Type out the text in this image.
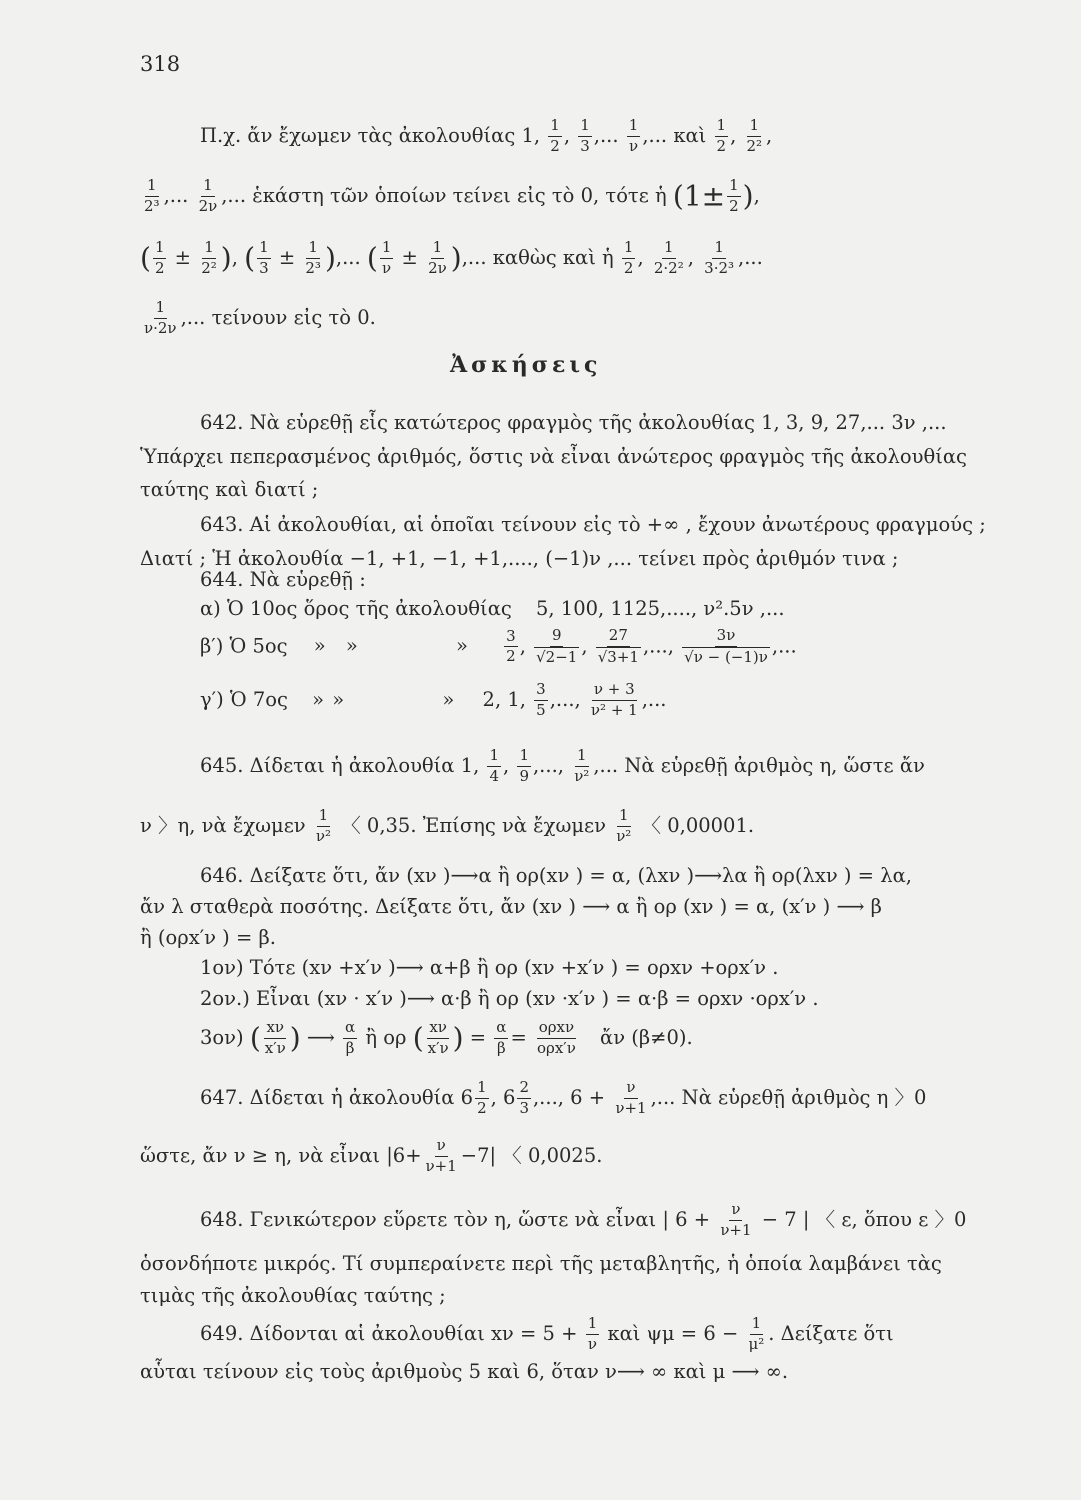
318
Π.χ. ἄν ἔχωμεν τὰς ἀκολουθίας 1, $\frac{1}{2}$ , $\frac{1}{3}$ ,... $\frac{1}{\nu}$ ,... καὶ $\frac{1}{2}$ , $\frac{1}{\text{2²}}$ ,
$\frac{1}{\text{2³}}$ ,... $\frac{1}{2\nu}$ ,... ἑκάστη τῶν ὁποίων τείνει εἰς τὸ 0, τότε ἡ ($1\pm \frac{1}{2}$ ),
( $\frac{1}{2} \pm \frac{1}{\text{2²}}$ ), ( $\frac{1}{3} \pm \frac{1}{\text{2³}}$ ),... ( $\frac{1}{\nu} \pm \frac{1}{2\nu}$ ),... καθὼς καὶ ἡ $\frac{1}{2}$ , $\frac{1}{\text{2·2²}}$ , $\frac{1}{\text{3·2³}}$ ,...
$\frac{1}{\nu\cdot 2\nu}$ ,... τείνουν εἰς τὸ 0.
Ἀσκήσεις
642. Νὰ εὑρεθῇ εἷς κατώτερος φραγμὸς τῆς ἀκολουθίας 1, 3, 9, 27,... 3ν ,...
Ὑπάρχει πεπερασμένος ἀριθμός, ὅστις νὰ εἶναι ἀνώτερος φραγμὸς τῆς ἀκολουθίας
ταύτης καὶ διατί ;
643. Αἱ ἀκολουθίαι, αἱ ὁποῖαι τείνουν εἰς τὸ +∞ , ἔχουν ἀνωτέρους φραγμούς ;
Διατί ; Ἡ ἀκολουθία −1, +1, −1, +1,...., (−1)ν ,... τείνει πρὸς ἀριθμόν τινα ;
644. Νὰ εὑρεθῇ :
α) Ὁ 10ος ὅρος τῆς ἀκολουθίας 5, 100, 1125,...., ν².5ν ,...
β′) Ὁ 5ος » »	» $\frac{3}{2}$ , $\frac{9}{√2-1}$ , $\frac{27}{√3+1}$ ,..., $\frac{3\nu}{√\nu - (-1)\nu}$ ,...
γ′) Ὁ 7ος » »	» 2, 1, $\frac{3}{5}$ ,..., $\frac{\nu + 3}{\text{ν² + 1}}$ ,...
645. Δίδεται ἡ ἀκολουθία 1, $\frac{1}{4}$ , $\frac{1}{9}$ ,..., $\frac{1}{\text{ν²}}$ ,... Νὰ εὑρεθῇ ἀριθμὸς η, ὥστε ἄν
ν 〉η, νὰ ἔχωμεν $\frac{1}{\text{ν²}}$ 〈 0,35. Ἐπίσης νὰ ἔχωμεν $\frac{1}{\text{ν²}}$ 〈 0,00001.
646. Δείξατε ὅτι, ἄν (xν )⟶α ἢ ορ(xν ) = α, (λxν )⟶λα ἢ ορ(λxν ) = λα,
ἄν λ σταθερὰ ποσότης. Δείξατε ὅτι, ἄν (xν ) ⟶ α ἢ ορ (xν ) = α, (x′ν ) ⟶ β
ἢ (ορx′ν ) = β.
1ον) Τότε (xν +x′ν )⟶ α+β ἢ ορ (xν +x′ν ) = ορxν +ορx′ν .
2ον.) Εἶναι (xν · x′ν )⟶ α·β ἢ ορ (xν ·x′ν ) = α·β = ορxν ·ορx′ν .
3ον) ( $\frac{x\nu}{x'\nu}$ ) ⟶ $\frac{\alpha}{\beta}$ ἢ ορ ( $\frac{x\nu}{x'\nu}$ ) = $\frac{\alpha}{\beta} = \frac{\text{ορxν}}{\text{ορx′ν}}$ ἄν (β≠0).
647. Δίδεται ἡ ἀκολουθία $6 \frac{1}{2}$ , $6 \frac{2}{3}$ ,..., $6 + \frac{\nu}{\nu+1}$ ,... Νὰ εὑρεθῇ ἀριθμὸς η 〉0
ὥστε, ἄν ν ≥ η, νὰ εἶναι $|6+ \frac{\nu}{\nu+1} -7|$ 〈 0,0025.
648. Γενικώτερον εὕρετε τὸν η, ὥστε νὰ εἶναι | $6 + \frac{\nu}{\nu+1} - 7$ | 〈 ε, ὅπου ε 〉0
ὁσονδήποτε μικρός. Τί συμπεραίνετε περὶ τῆς μεταβλητῆς, ἡ ὁποία λαμβάνει τὰς
τιμὰς τῆς ἀκολουθίας ταύτης ;
649. Δίδονται αἱ ἀκολουθίαι $x\nu = 5 + \frac{1}{\nu}$ καὶ $\psi\mu = 6 - \frac{1}{\text{μ²}}$ . Δείξατε ὅτι
αὗται τείνουν εἰς τοὺς ἀριθμοὺς 5 καὶ 6, ὅταν ν⟶ ∞ καὶ μ ⟶ ∞.
